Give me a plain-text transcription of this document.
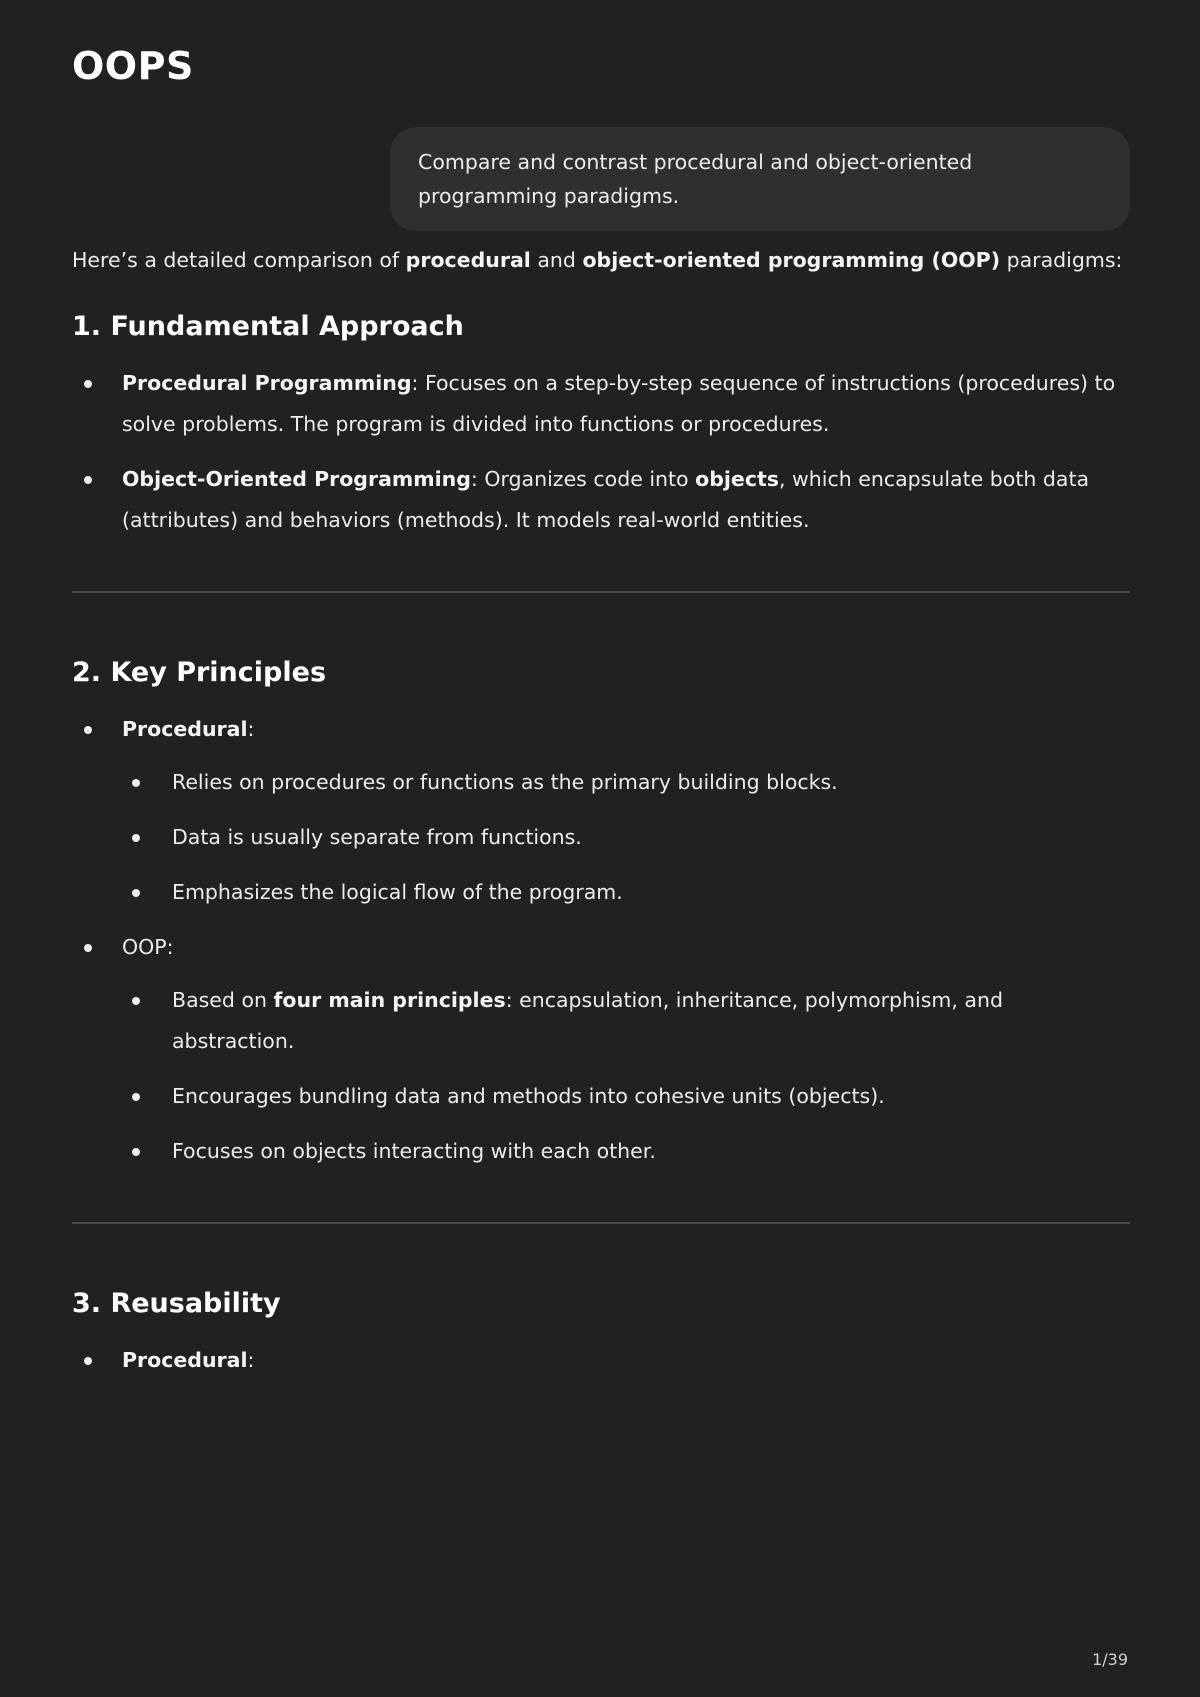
OOPS
Compare and contrast procedural and object-oriented programming paradigms.

Here’s a detailed comparison of procedural and object-oriented programming (OOP) paradigms:

1. Fundamental Approach
Procedural Programming: Focuses on a step-by-step sequence of instructions (procedures) to solve problems. The program is divided into functions or procedures.
Object-Oriented Programming: Organizes code into objects, which encapsulate both data (attributes) and behaviors (methods). It models real-world entities.
2. Key Principles
Procedural:
Relies on procedures or functions as the primary building blocks.
Data is usually separate from functions.
Emphasizes the logical flow of the program.
OOP:
Based on four main principles: encapsulation, inheritance, polymorphism, and abstraction.
Encourages bundling data and methods into cohesive units (objects).
Focuses on objects interacting with each other.
3. Reusability
Procedural:
1/39
